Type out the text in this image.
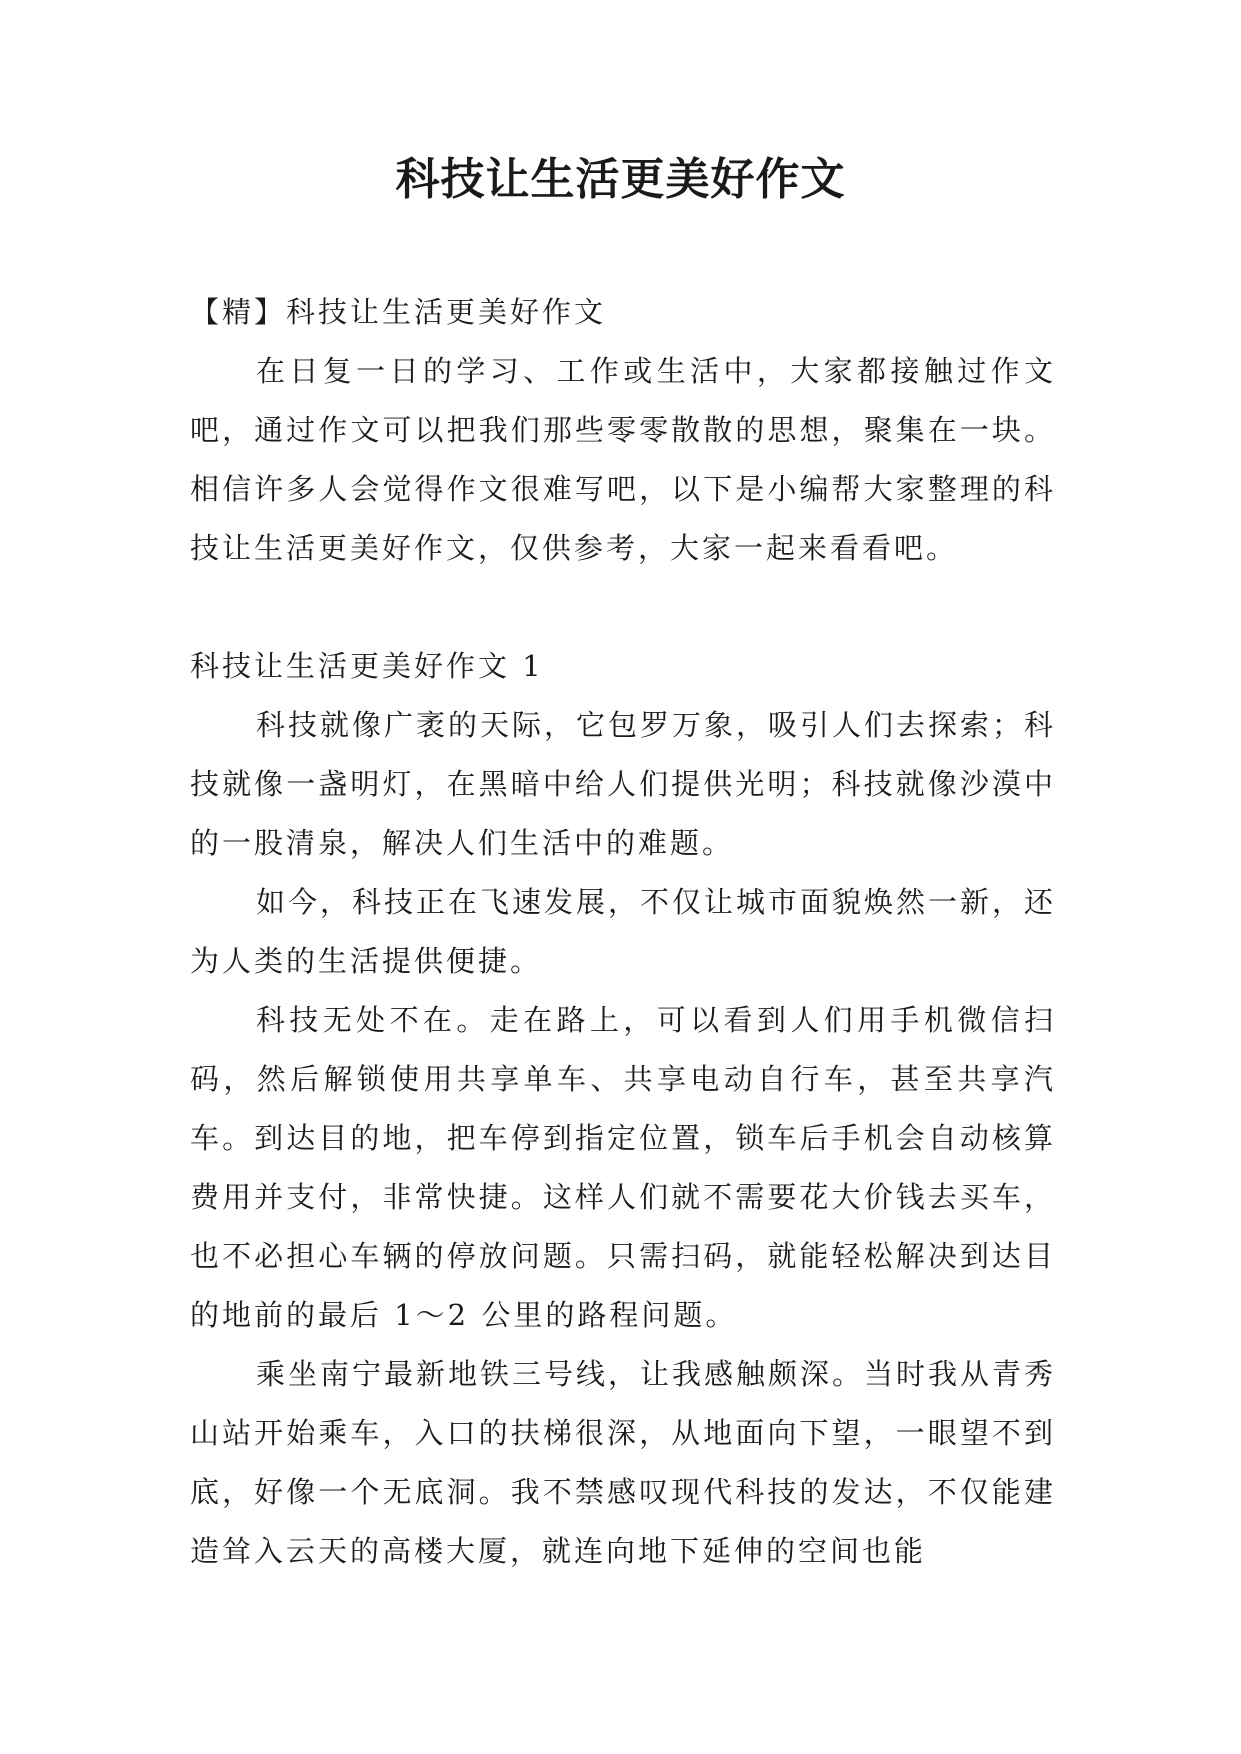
科技让生活更美好作文

【精】科技让生活更美好作文

在日复一日的学习、工作或生活中，大家都接触过作文吧，通过作文可以把我们那些零零散散的思想，聚集在一块。相信许多人会觉得作文很难写吧，以下是小编帮大家整理的科技让生活更美好作文，仅供参考，大家一起来看看吧。

科技让生活更美好作文 1

科技就像广袤的天际，它包罗万象，吸引人们去探索；科技就像一盏明灯，在黑暗中给人们提供光明；科技就像沙漠中的一股清泉，解决人们生活中的难题。

如今，科技正在飞速发展，不仅让城市面貌焕然一新，还为人类的生活提供便捷。

科技无处不在。走在路上，可以看到人们用手机微信扫码，然后解锁使用共享单车、共享电动自行车，甚至共享汽车。到达目的地，把车停到指定位置，锁车后手机会自动核算费用并支付，非常快捷。这样人们就不需要花大价钱去买车，也不必担心车辆的停放问题。只需扫码，就能轻松解决到达目的地前的最后 1～2 公里的路程问题。

乘坐南宁最新地铁三号线，让我感触颇深。当时我从青秀山站开始乘车，入口的扶梯很深，从地面向下望，一眼望不到底，好像一个无底洞。我不禁感叹现代科技的发达，不仅能建造耸入云天的高楼大厦，就连向地下延伸的空间也能
